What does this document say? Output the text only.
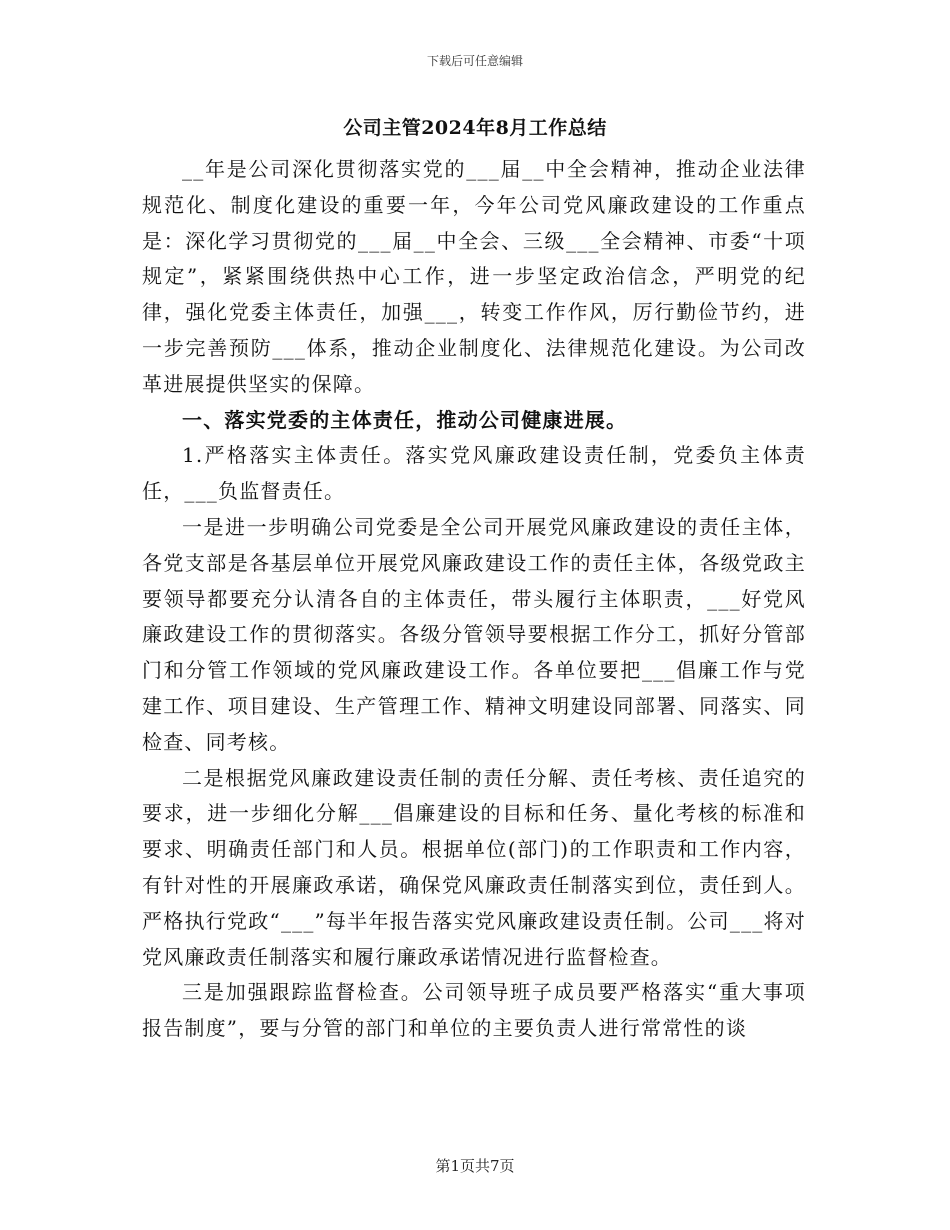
下载后可任意编辑
公司主管2024年8月工作总结

__年是公司深化贯彻落实党的___届__中全会精神，推动企业法律规范化、制度化建设的重要一年，今年公司党风廉政建设的工作重点是：深化学习贯彻党的___届__中全会、三级___全会精神、市委“十项规定”，紧紧围绕供热中心工作，进一步坚定政治信念，严明党的纪律，强化党委主体责任，加强___，转变工作作风，厉行勤俭节约，进一步完善预防___体系，推动企业制度化、法律规范化建设。为公司改革进展提供坚实的保障。

一、落实党委的主体责任，推动公司健康进展。

1.严格落实主体责任。落实党风廉政建设责任制，党委负主体责任，___负监督责任。

一是进一步明确公司党委是全公司开展党风廉政建设的责任主体，各党支部是各基层单位开展党风廉政建设工作的责任主体，各级党政主要领导都要充分认清各自的主体责任，带头履行主体职责，___好党风廉政建设工作的贯彻落实。各级分管领导要根据工作分工，抓好分管部门和分管工作领域的党风廉政建设工作。各单位要把___倡廉工作与党建工作、项目建设、生产管理工作、精神文明建设同部署、同落实、同检查、同考核。

二是根据党风廉政建设责任制的责任分解、责任考核、责任追究的要求，进一步细化分解___倡廉建设的目标和任务、量化考核的标准和要求、明确责任部门和人员。根据单位(部门)的工作职责和工作内容，有针对性的开展廉政承诺，确保党风廉政责任制落实到位，责任到人。严格执行党政“___”每半年报告落实党风廉政建设责任制。公司___将对党风廉政责任制落实和履行廉政承诺情况进行监督检查。

三是加强跟踪监督检查。公司领导班子成员要严格落实“重大事项报告制度”，要与分管的部门和单位的主要负责人进行常常性的谈

第1页共7页
